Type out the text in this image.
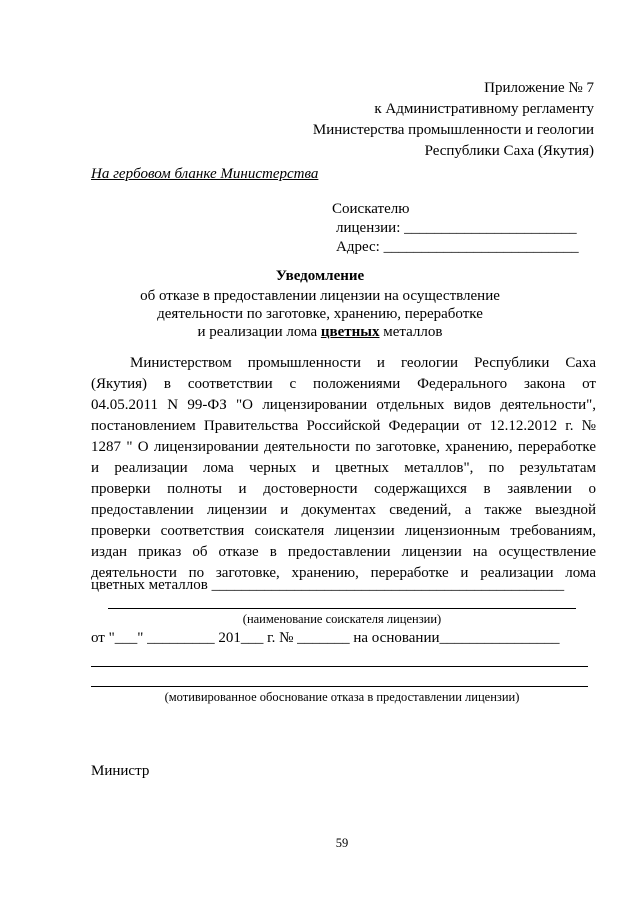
Приложение № 7
к Административному регламенту
Министерства промышленности и геологии
Республики Саха (Якутия)
На гербовом бланке Министерства
Соискателю
лицензии: _______________________
Адрес: __________________________
Уведомление
об отказе в предоставлении лицензии на осуществление
деятельности по заготовке, хранению, переработке
и реализации лома цветных металлов
Министерством промышленности и геологии Республики Саха
(Якутия) в соответствии с положениями Федерального закона от
04.05.2011 N 99-ФЗ "О лицензировании отдельных видов деятельности",
постановлением Правительства Российской Федерации от 12.12.2012 г. №
1287 " О лицензировании деятельности по заготовке, хранению, переработке
и реализации лома черных и цветных металлов", по результатам
проверки полноты и достоверности содержащихся в заявлении о
предоставлении лицензии и документах сведений, а также выездной
проверки соответствия соискателя лицензии лицензионным требованиям,
издан приказ об отказе в предоставлении лицензии на осуществление
деятельности по заготовке, хранению, переработке и реализации лома
цветных металлов _______________________________________________
(наименование соискателя лицензии)
от "___" _________ 201___ г. № _______ на основании________________
(мотивированное обоснование отказа в предоставлении лицензии)
Министр
59
